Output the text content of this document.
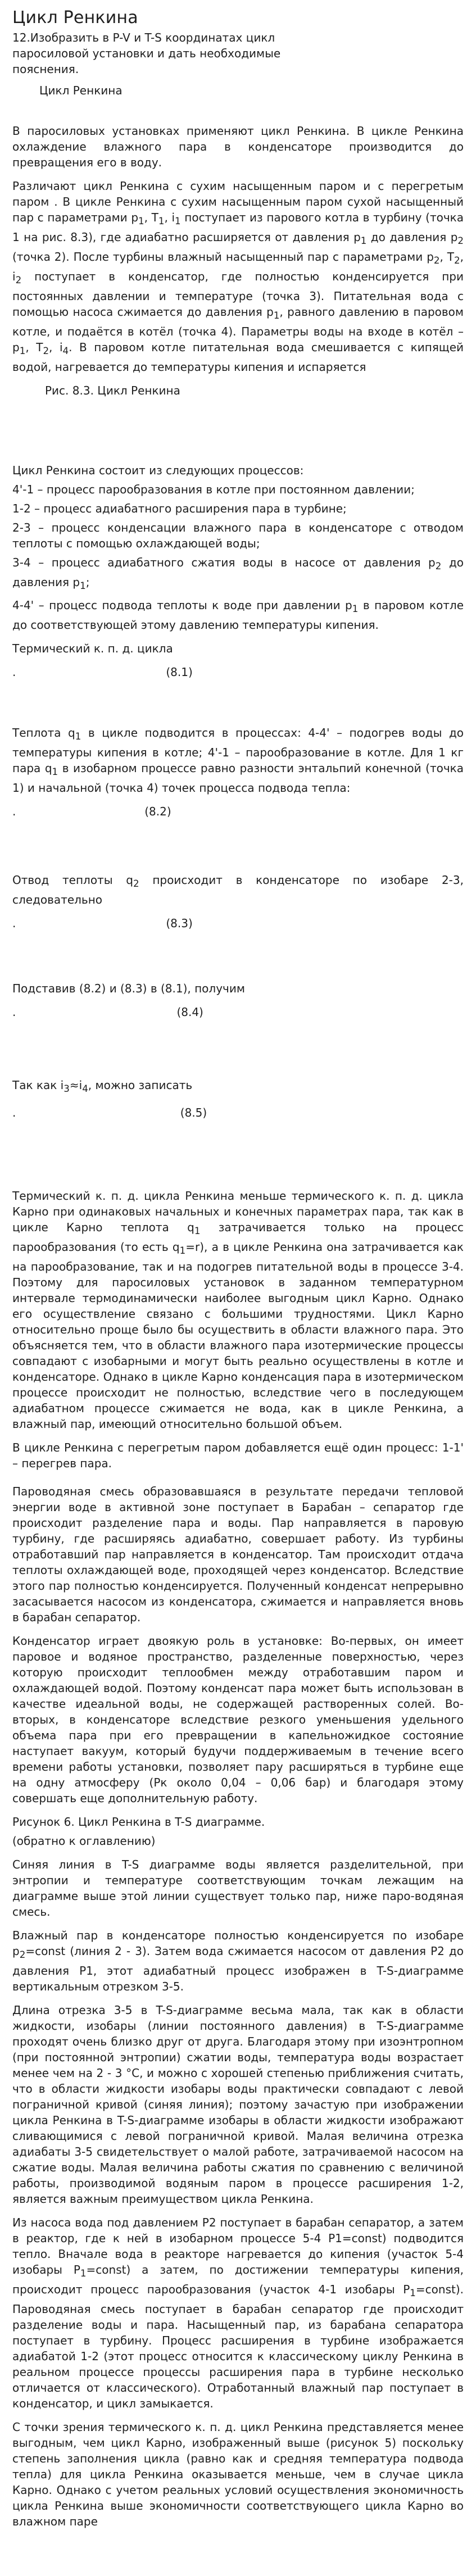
Цикл Ренкина
12.Изобразить в P-V и T-S координатах цикл паросиловой установки и дать необходимые пояснения.
Цикл Ренкина

В паросиловых установках применяют цикл Ренкина. В цикле Ренкина охлаждение влажного пара в конденсаторе производится до превращения его в воду.

Различают цикл Ренкина с сухим насыщенным паром и с перегретым паром . В цикле Ренкина с сухим насыщенным паром сухой насыщенный пар с параметрами $p_1$, $T_1$, $i_1$ поступает из парового котла в турбину (точка 1 на рис. 8.3), где адиабатно расширяется от давления $p_1$ до давления $p_2$ (точка 2). После турбины влажный насыщенный пар с параметрами $p_2$, $T_2$, $i_2$ поступает в конденсатор, где полностью конденсируется при постоянных давлении и температуре (точка 3). Питательная вода с помощью насоса сжимается до давления $p_1$, равного давлению в паровом котле, и подаётся в котёл (точка 4). Параметры воды на входе в котёл – $p_1$, $T_2$, $i_4$. В паровом котле питательная вода смешивается с кипящей водой, нагревается до температуры кипения и испаряется

Рис. 8.3. Цикл Ренкина

Цикл Ренкина состоит из следующих процессов:

4'-1 – процесс парообразования в котле при постоянном давлении;

1-2 – процесс адиабатного расширения пара в турбине;

2-3 – процесс конденсации влажного пара в конденсаторе с отводом теплоты с помощью охлаждающей воды;

3-4 – процесс адиабатного сжатия воды в насосе от давления $p_2$ до давления $p_1$;

4-4' – процесс подвода теплоты к воде при давлении $p_1$ в паровом котле до соответствующей этому давлению температуры кипения.

Термический к. п. д. цикла

.                                          (8.1)

Теплота $q_1$ в цикле подводится в процессах: 4-4' – подогрев воды до температуры кипения в котле; 4'-1 – парообразование в котле. Для 1 кг пара $q_1$ в изобарном процессе равно разности энтальпий конечной (точка 1) и начальной (точка 4) точек процесса подвода тепла:

.                                    (8.2)

Отвод теплоты $q_2$ происходит в конденсаторе по изобаре 2-3, следовательно

.                                          (8.3)

Подставив (8.2) и (8.3) в (8.1), получим

.                                             (8.4)

Так как $i_3\approx i_4$, можно записать

.                                              (8.5)

Термический к. п. д. цикла Ренкина меньше термического к. п. д. цикла Карно при одинаковых начальных и конечных параметрах пара, так как в цикле Карно теплота $q_1$ затрачивается только на процесс парообразования (то есть $q_1=r$), а в цикле Ренкина она затрачивается как на парообразование, так и на подогрев питательной воды в процессе 3-4. Поэтому для паросиловых установок в заданном температурном интервале термодинамически наиболее выгодным цикл Карно. Однако его осуществление связано с большими трудностями. Цикл Карно относительно проще было бы осуществить в области влажного пара. Это объясняется тем, что в области влажного пара изотермические процессы совпадают с изобарными и могут быть реально осуществлены в котле и конденсаторе. Однако в цикле Карно конденсация пара в изотермическом процессе происходит не полностью, вследствие чего в последующем адиабатном процессе сжимается не вода, как в цикле Ренкина, а влажный пар, имеющий относительно большой объем.

В цикле Ренкина с перегретым паром добавляется ещё один процесс: 1-1' – перегрев пара.

Пароводяная смесь образовавшаяся в результате передачи тепловой энергии воде в активной зоне поступает в Барабан – сепаратор где происходит разделение пара и воды. Пар направляется в паровую турбину, где расширяясь адиабатно, совершает работу. Из турбины отработавший пар направляется в конденсатор. Там происходит отдача теплоты охлаждающей воде, проходящей через конденсатор. Вследствие этого пар полностью конденсируется. Полученный конденсат непрерывно засасывается насосом из конденсатора, сжимается и направляется вновь в барабан сепаратор.

Конденсатор играет двоякую роль в установке: Во-первых, он имеет паровое и водяное пространство, разделенные поверхностью, через которую происходит теплообмен между отработавшим паром и охлаждающей водой. Поэтому конденсат пара может быть использован в качестве идеальной воды, не содержащей растворенных солей. Во-вторых, в конденсаторе вследствие резкого уменьшения удельного объема пара при его превращении в капельножидкое состояние наступает вакуум, который будучи поддерживаемым в течение всего времени работы установки, позволяет пару расширяться в турбине еще на одну атмосферу (Рк около 0,04 – 0,06 бар) и благодаря этому совершать еще дополнительную работу.

Рисунок 6. Цикл Ренкина в T-S диаграмме.

(обратно к оглавлению)

Синяя линия в T-S диаграмме воды является разделительной, при энтропии и температуре соответствующим точкам лежащим на диаграмме выше этой линии существует только пар, ниже паро-водяная смесь.

Влажный пар в конденсаторе полностью конденсируется по изобаре $p_2=const$ (линия 2 - 3). Затем вода сжимается насосом от давления P2 до давления P1, этот адиабатный процесс изображен в T-S-диаграмме вертикальным отрезком 3-5.

Длина отрезка 3-5 в T-S-диаграмме весьма мала, так как в области жидкости, изобары (линии постоянного давления) в T-S-диаграмме проходят очень близко друг от друга. Благодаря этому при изоэнтропном (при постоянной энтропии) сжатии воды, температура воды возрастает менее чем на 2 - 3 °С, и можно с хорошей степенью приближения считать, что в области жидкости изобары воды практически совпадают с левой пограничной кривой (синяя линия); поэтому зачастую при изображении цикла Ренкина в T-S-диаграмме изобары в области жидкости изображают сливающимися с левой пограничной кривой. Малая величина отрезка адиабаты 3-5 свидетельствует о малой работе, затрачиваемой насосом на сжатие воды. Малая величина работы сжатия по сравнению с величиной работы, производимой водяным паром в процессе расширения 1-2, является важным преимуществом цикла Ренкина.

Из насоса вода под давлением P2 поступает в барабан сепаратор, а затем в реактор, где к ней в изобарном процессе 5-4 P1=const) подводится тепло. Вначале вода в реакторе нагревается до кипения (участок 5-4 изобары $P_1=const$) а затем, по достижении температуры кипения, происходит процесс парообразования (участок 4-1 изобары $P_1=const$). Пароводяная смесь поступает в барабан сепаратор где происходит разделение воды и пара. Насыщенный пар, из барабана сепаратора поступает в турбину. Процесс расширения в турбине изображается адиабатой 1-2 (этот процесс относится к классическому циклу Ренкина в реальном процессе процессы расширения пара в турбине несколько отличается от классического). Отработанный влажный пар поступает в конденсатор, и цикл замыкается.

С точки зрения термического к. п. д. цикл Ренкина представляется менее выгодным, чем цикл Карно, изображенный выше (рисунок 5) поскольку степень заполнения цикла (равно как и средняя температура подвода тепла) для цикла Ренкина оказывается меньше, чем в случае цикла Карно. Однако с учетом реальных условий осуществления экономичность цикла Ренкина выше экономичности соответствующего цикла Карно во влажном паре
